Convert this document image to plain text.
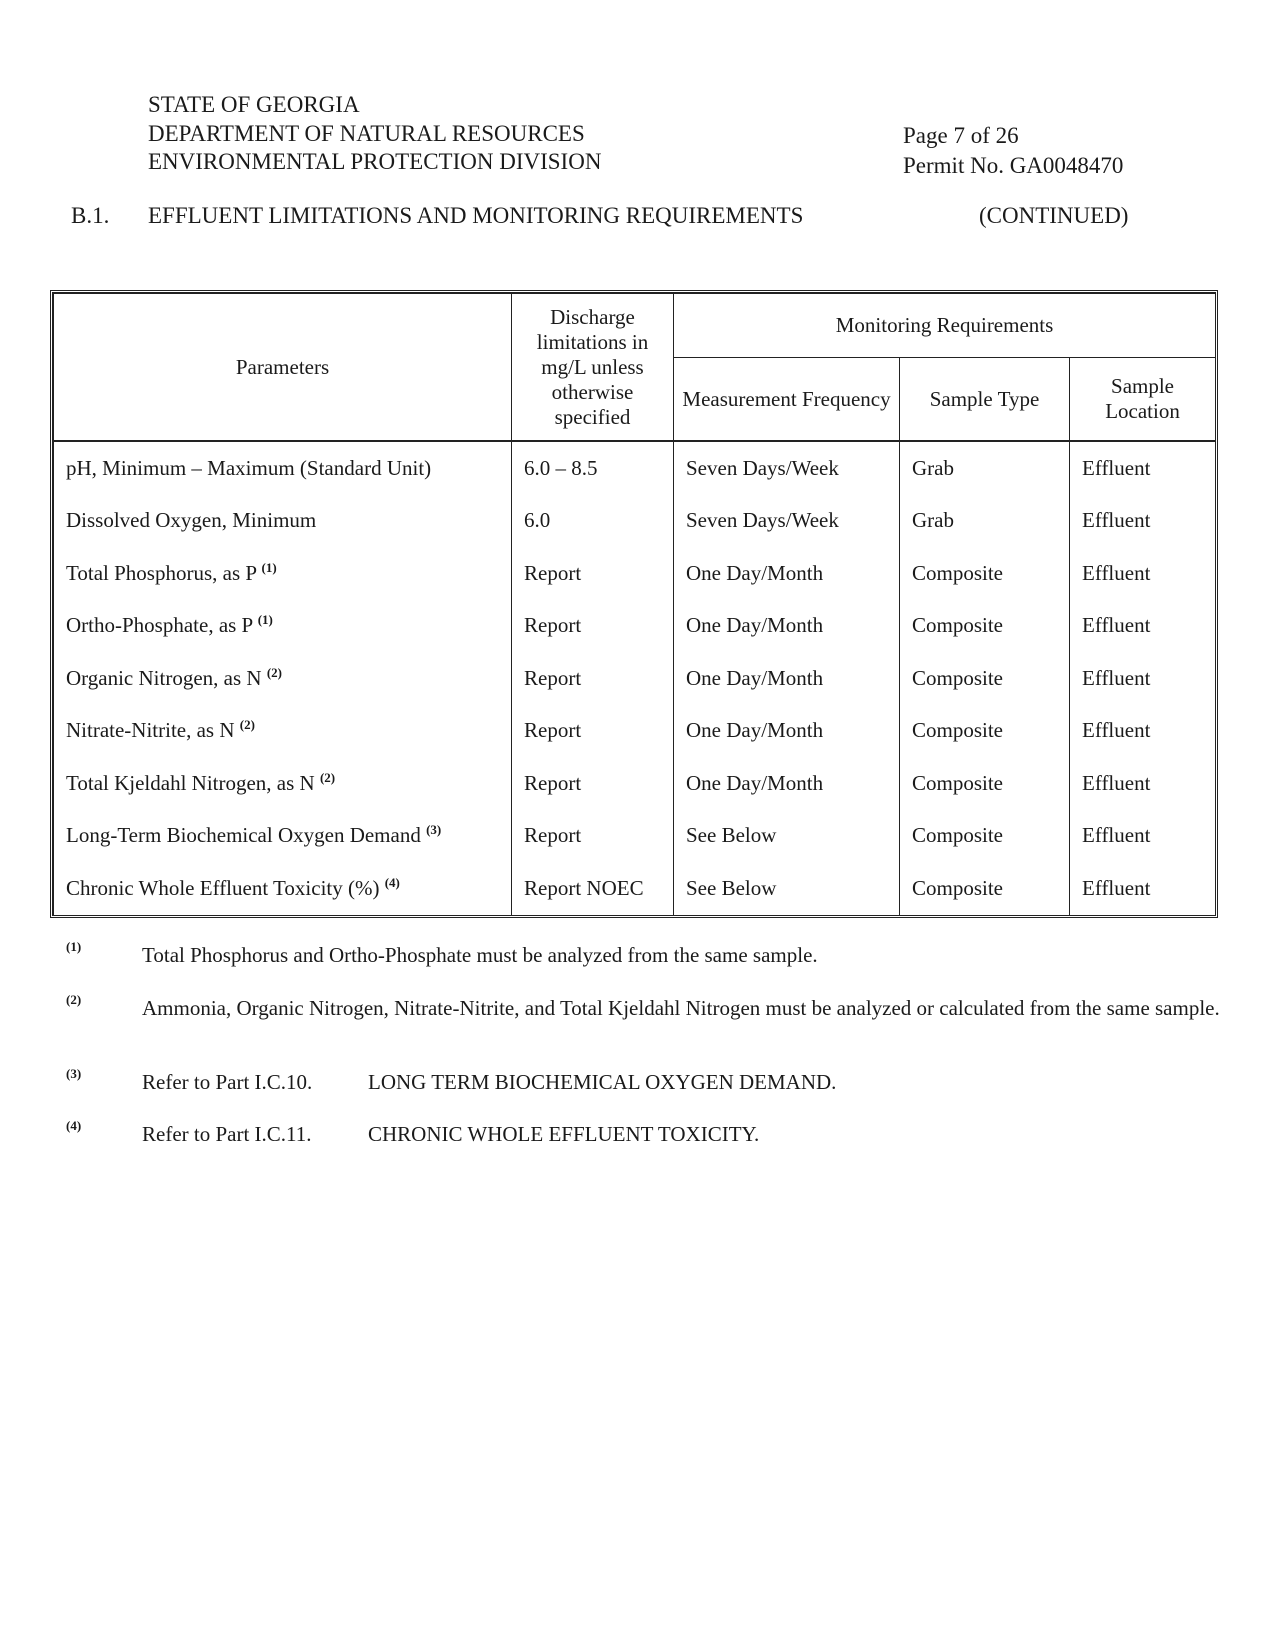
STATE OF GEORGIA
DEPARTMENT OF NATURAL RESOURCES
ENVIRONMENTAL PROTECTION DIVISION
Page 7 of 26
Permit No. GA0048470
B.1. EFFLUENT LIMITATIONS AND MONITORING REQUIREMENTS	(CONTINUED)
Parameters	Discharge limitations in mg/L unless otherwise specified	Monitoring Requirements		
		Measurement Frequency	Sample Type	Sample Location
pH, Minimum – Maximum (Standard Unit)	6.0 – 8.5	Seven Days/Week	Grab	Effluent
Dissolved Oxygen, Minimum	6.0	Seven Days/Week	Grab	Effluent
Total Phosphorus, as P $^{(1)}$	Report	One Day/Month	Composite	Effluent
Ortho-Phosphate, as P $^{(1)}$	Report	One Day/Month	Composite	Effluent
Organic Nitrogen, as N $^{(2)}$	Report	One Day/Month	Composite	Effluent
Nitrate-Nitrite, as N $^{(2)}$	Report	One Day/Month	Composite	Effluent
Total Kjeldahl Nitrogen, as N $^{(2)}$	Report	One Day/Month	Composite	Effluent
Long-Term Biochemical Oxygen Demand $^{(3)}$	Report	See Below	Composite	Effluent
Chronic Whole Effluent Toxicity (%) $^{(4)}$	Report NOEC	See Below	Composite	Effluent
(1)	Total Phosphorus and Ortho-Phosphate must be analyzed from the same sample.
(2)	Ammonia, Organic Nitrogen, Nitrate-Nitrite, and Total Kjeldahl Nitrogen must be analyzed or calculated from the same sample.
(3)	Refer to Part I.C.10.	LONG TERM BIOCHEMICAL OXYGEN DEMAND.
(4)	Refer to Part I.C.11.	CHRONIC WHOLE EFFLUENT TOXICITY.
